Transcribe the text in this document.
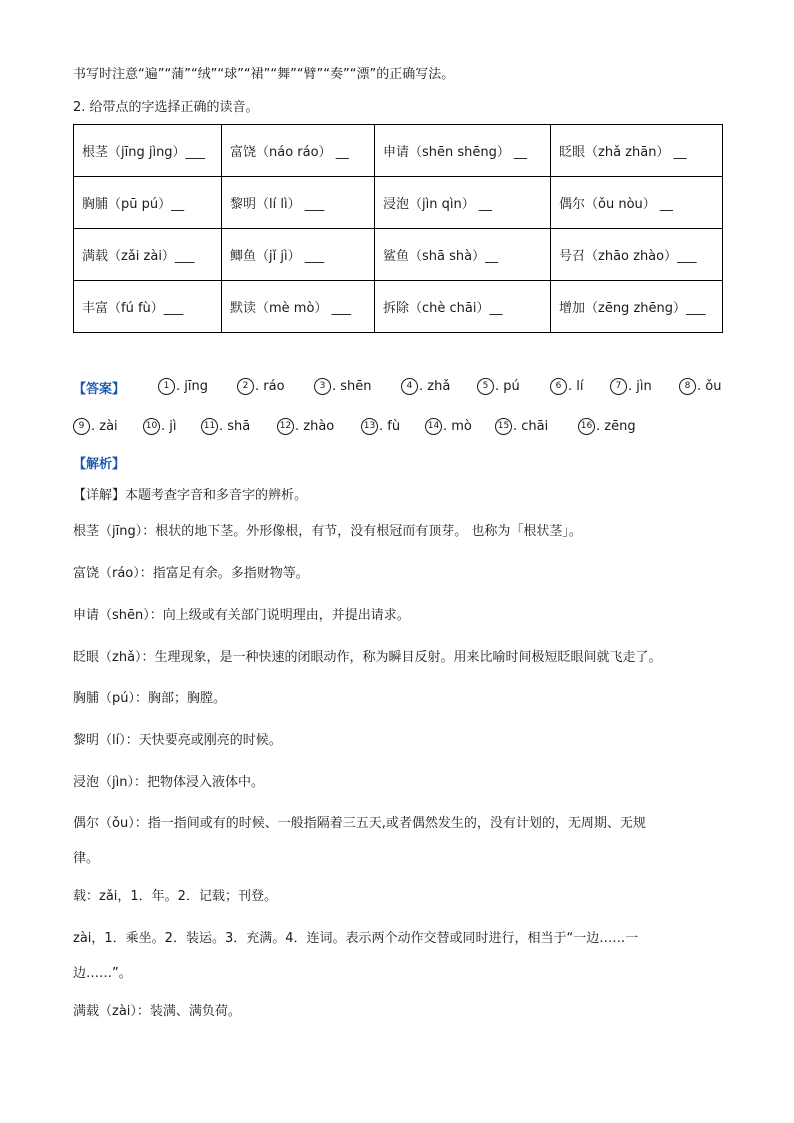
书写时注意“遍”“蒲”“绒”“球”“裙”“舞”“臂”“奏”“漂”的正确写法。
2. 给带点的字选择正确的读音。
根茎（jīng jìng）___	富饶（náo ráo） __	申请（shēn shēng） __	眨眼（zhǎ zhān） __
胸脯（pū pú）__	黎明（lí lì） ___	浸泡（jìn qìn） __	偶尔（ǒu nòu） __
满载（zǎi zài）___	鲫鱼（jǐ jì） ___	鲨鱼（shā shà）__	号召（zhāo zhào）___
丰富（fú fù）___	默读（mè mò） ___	拆除（chè chāi）__	增加（zēng zhēng）___
【答案】	1 . jīng	2 . ráo	3 . shēn	4 . zhǎ	5 . pú	6 . lí	7 . jìn	8 . ǒu
9 . zài	10 . jì	11 . shā	12 . zhào	13 . fù	14 . mò	15 . chāi	16 . zēng
【解析】
【详解】本题考查字音和多音字的辨析。
根茎（jīng）：根状的地下茎。外形像根，有节，没有根冠而有顶芽。 也称为「根状茎」。
富饶（ráo）：指富足有余。多指财物等。
申请（shēn）：向上级或有关部门说明理由，并提出请求。
眨眼（zhǎ）：生理现象，是一种快速的闭眼动作，称为瞬目反射。用来比喻时间极短眨眼间就飞走了。
胸脯（pú）：胸部；胸膛。
黎明（lí）：天快要亮或刚亮的时候。
浸泡（jìn）：把物体浸入液体中。
偶尔（ǒu）：指一指间或有的时候、一般指隔着三五天,或者偶然发生的，没有计划的，无周期、无规
律。
载：zǎi，1．年。2．记载；刊登。
zài，1．乘坐。2．装运。3．充满。4．连词。表示两个动作交替或同时进行，相当于“一边……一
边……”。
满载（zài）：装满、满负荷。
